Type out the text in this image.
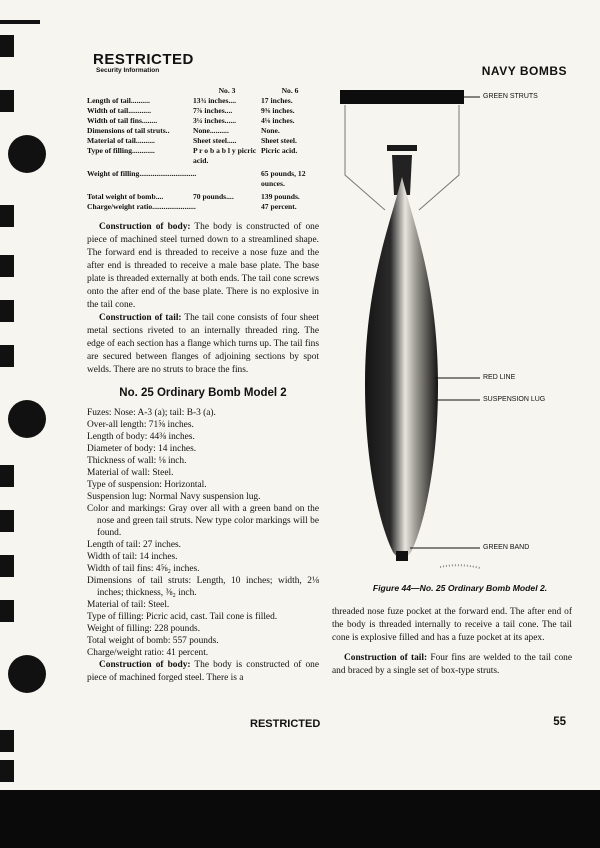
RESTRICTED
Security Information	NAVY BOMBS
	No. 3	No. 6
Length of tail..........	13¾ inches....	17 inches.
Width of tail............	7⅞ inches....	9⅜ inches.
Width of tail fins........	3¼ inches......	4⅛ inches.
Dimensions of tail struts..	None..........	None.
Material of tail..........	Sheet steel.....	Sheet steel.
Type of filling............	P r o b a b l y picric acid.	Picric acid.
Weight of filling..............................		65 pounds, 12 ounces.
Total weight of bomb....	70 pounds....	139 pounds.
Charge/weight ratio.......................		47 percent.

Construction of body: The body is constructed of one piece of machined steel turned down to a streamlined shape. The forward end is threaded to receive a nose fuze and the after end is threaded to receive a male base plate. The base plate is threaded externally at both ends. The tail cone screws onto the after end of the base plate. There is no explosive in the tail cone.

Construction of tail: The tail cone consists of four sheet metal sections riveted to an internally threaded ring. The edge of each section has a flange which turns up. The tail fins are secured between flanges of adjoining sections by spot welds. There are no struts to brace the fins.

No. 25 Ordinary Bomb Model 2

Fuzes: Nose: A-3 (a); tail: B-3 (a).

Over-all length: 71⅝ inches.

Length of body: 44⅜ inches.

Diameter of body: 14 inches.

Thickness of wall: ⅛ inch.

Material of wall: Steel.

Type of suspension: Horizontal.

Suspension lug: Normal Navy suspension lug.

Color and markings: Gray over all with a green band on the nose and green tail struts. New type color markings will be found.

Length of tail: 27 inches.

Width of tail: 14 inches.

Width of tail fins: 4⅝₂ inches.

Dimensions of tail struts: Length, 10 inches; width, 2⅛ inches; thickness, ⅜₂ inch.

Material of tail: Steel.

Type of filling: Picric acid, cast. Tail cone is filled.

Weight of filling: 228 pounds.

Total weight of bomb: 557 pounds.

Charge/weight ratio: 41 percent.

Construction of body: The body is constructed of one piece of machined forged steel. There is a

GREEN STRUTS
RED LINE
SUSPENSION LUG
GREEN BAND
Figure 44—No. 25 Ordinary Bomb Model 2.

threaded nose fuze pocket at the forward end. The after end of the body is threaded internally to receive a tail cone. The tail cone is explosive filled and has a fuze pocket at its apex.

Construction of tail: Four fins are welded to the tail cone and braced by a single set of box-type struts.

RESTRICTED	55
